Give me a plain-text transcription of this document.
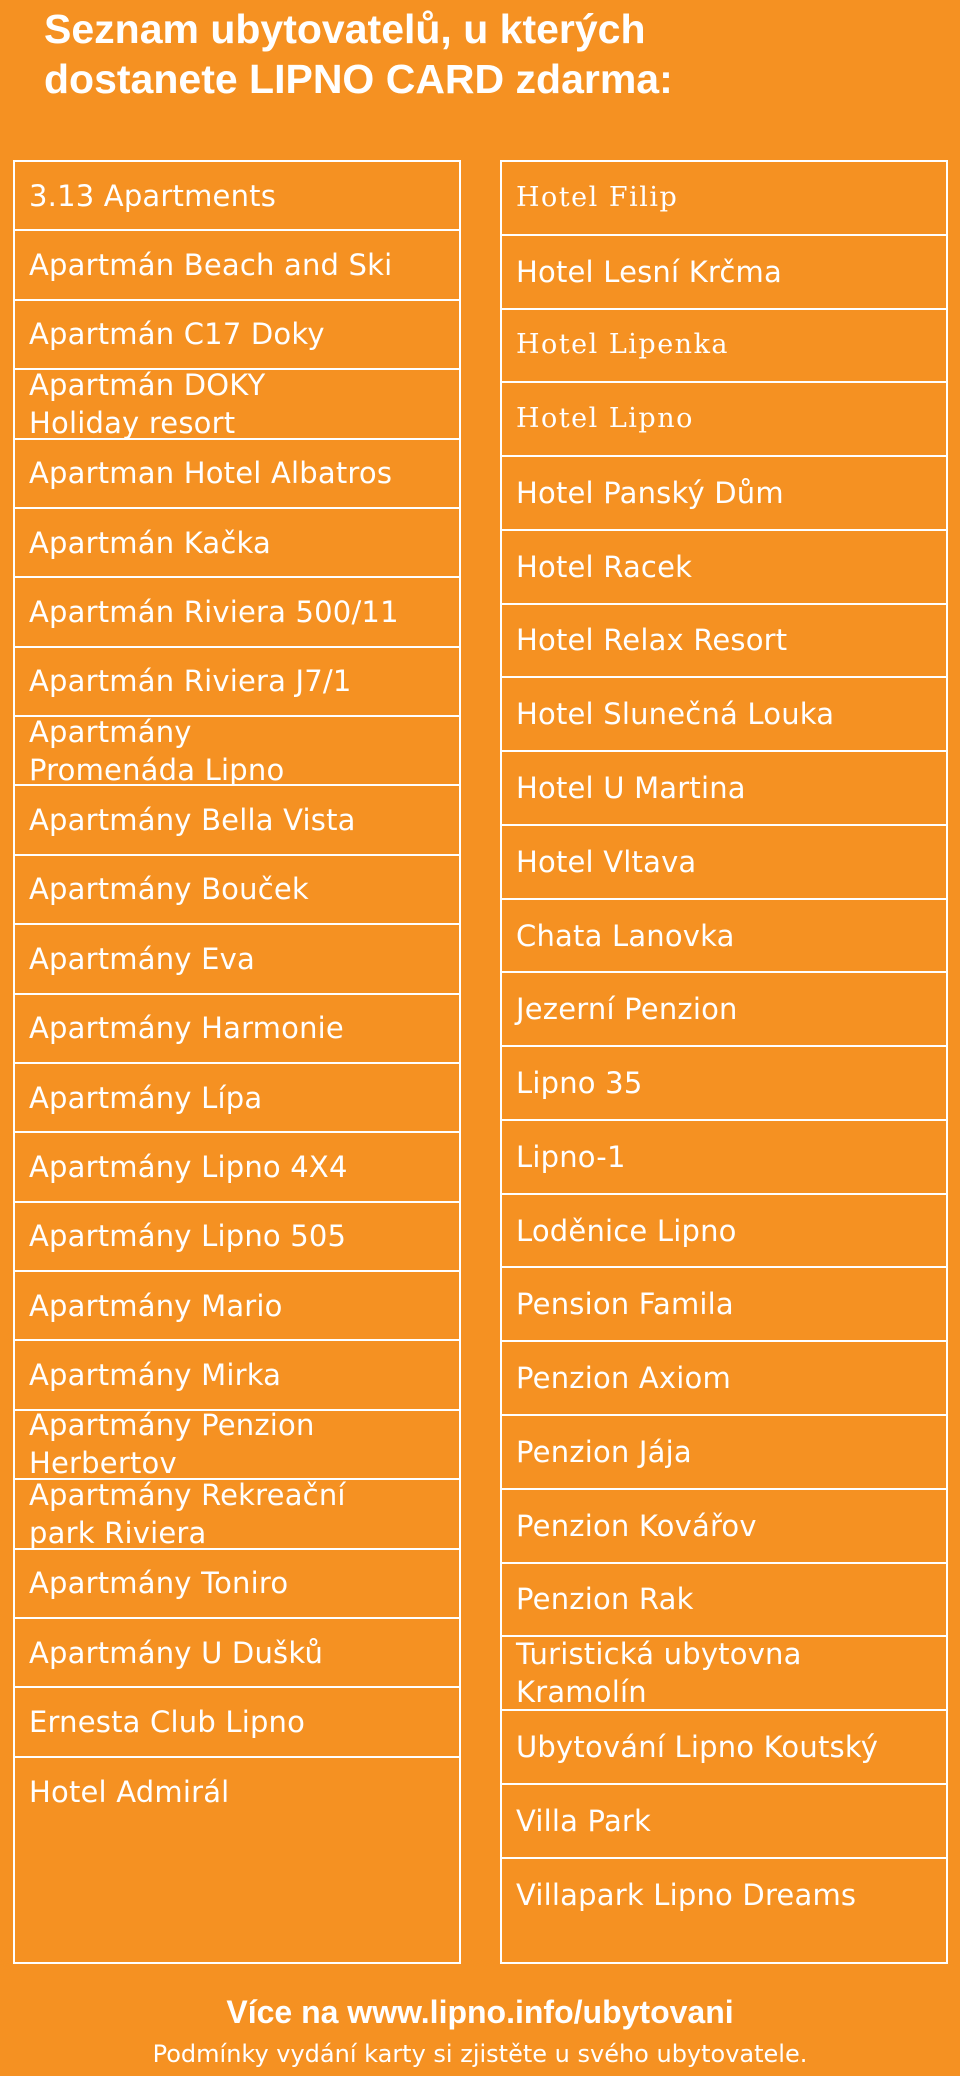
Seznam ubytovatelů, u kterých
dostanete LIPNO CARD zdarma:
3.13 Apartments
Apartmán Beach and Ski
Apartmán C17 Doky
Apartmán DOKY Holiday resort
Apartman Hotel Albatros
Apartmán Kačka
Apartmán Riviera 500/11
Apartmán Riviera J7/1
Apartmány Promenáda Lipno
Apartmány Bella Vista
Apartmány Bouček
Apartmány Eva
Apartmány Harmonie
Apartmány Lípa
Apartmány Lipno 4X4
Apartmány Lipno 505
Apartmány Mario
Apartmány Mirka
Apartmány Penzion Herbertov
Apartmány Rekreační park Riviera
Apartmány Toniro
Apartmány U Dušků
Ernesta Club Lipno
Hotel Admirál
Hotel Filip
Hotel Lesní Krčma
Hotel Lipenka
Hotel Lipno
Hotel Panský Dům
Hotel Racek
Hotel Relax Resort
Hotel Slunečná Louka
Hotel U Martina
Hotel Vltava
Chata Lanovka
Jezerní Penzion
Lipno 35
Lipno-1
Loděnice Lipno
Pension Famila
Penzion Axiom
Penzion Jája
Penzion Kovářov
Penzion Rak
Turistická ubytovna Kramolín
Ubytování Lipno Koutský
Villa Park
Villapark Lipno Dreams
Více na www.lipno.info/ubytovani
Podmínky vydání karty si zjistěte u svého ubytovatele.
